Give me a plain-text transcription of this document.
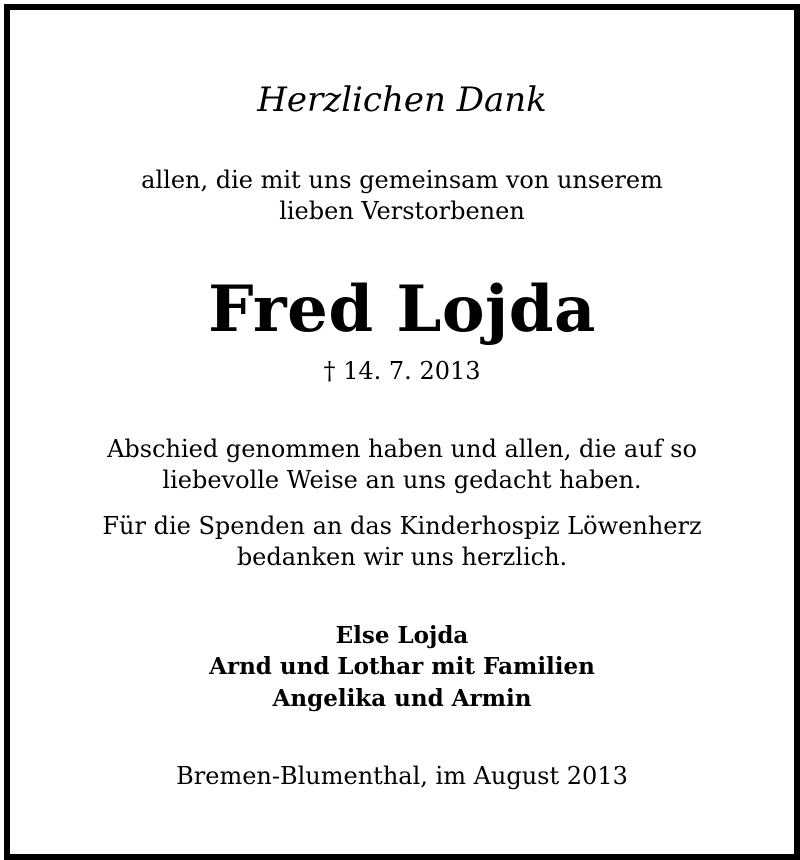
Herzlichen Dank
allen, die mit uns gemeinsam von unserem
lieben Verstorbenen
Fred Lojda
† 14. 7. 2013
Abschied genommen haben und allen, die auf so
liebevolle Weise an uns gedacht haben.
Für die Spenden an das Kinderhospiz Löwenherz
bedanken wir uns herzlich.
Else Lojda
Arnd und Lothar mit Familien
Angelika und Armin
Bremen-Blumenthal, im August 2013
